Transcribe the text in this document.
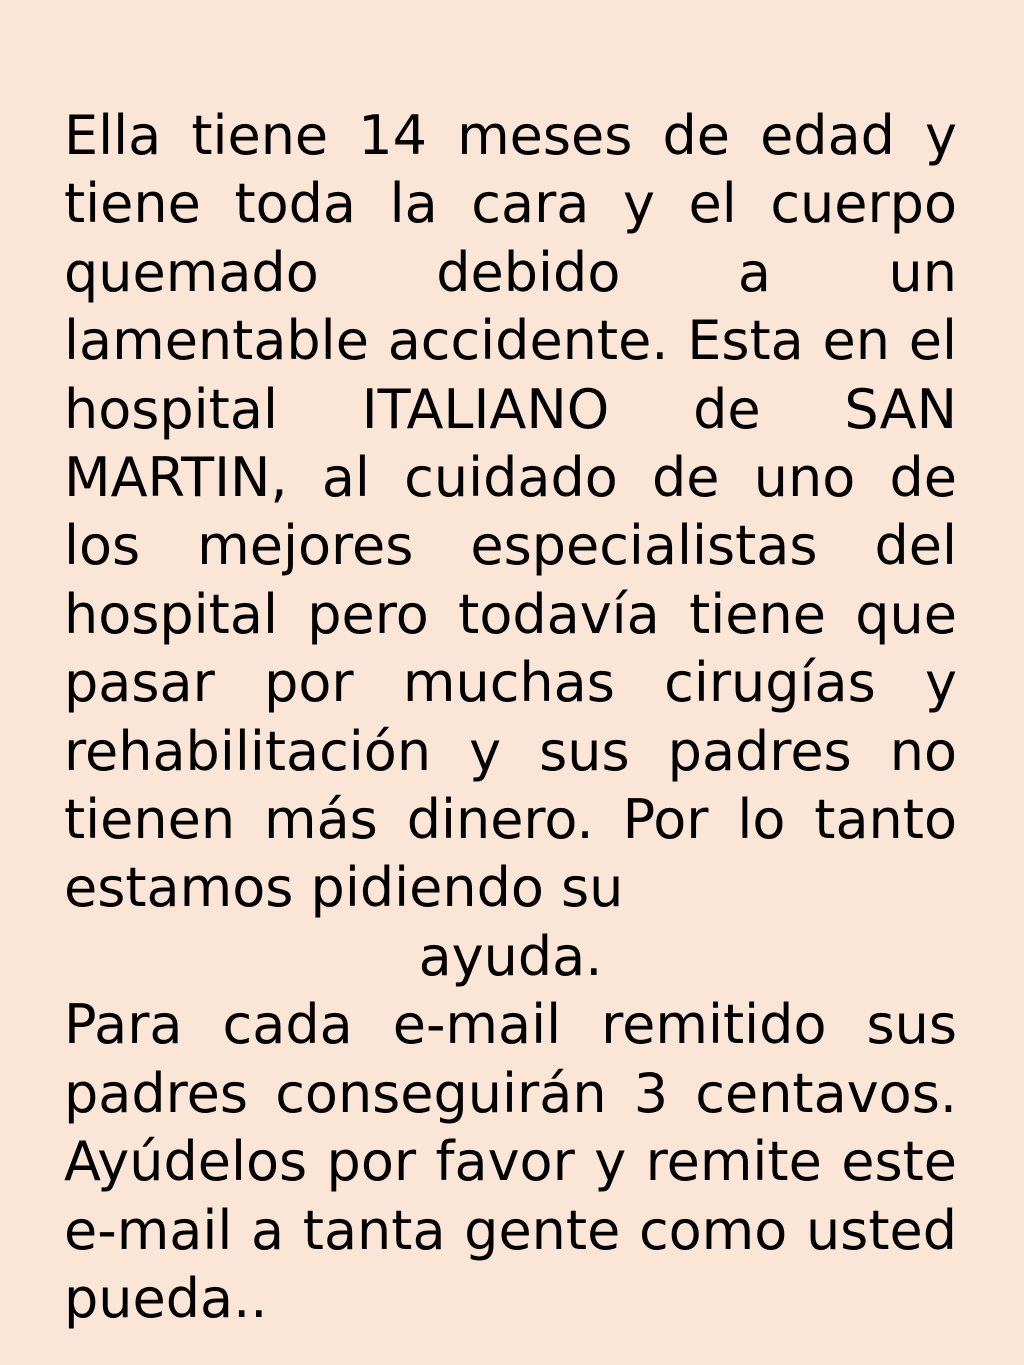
Ella tiene 14 meses de edad y tiene toda la cara y el cuerpo quemado debido a un lamentable accidente. Esta en el hospital ITALIANO de SAN MARTIN, al cuidado de uno de los mejores especialistas del hospital pero todavía tiene que pasar por muchas cirugías y rehabilitación y sus padres no tienen más dinero. Por lo tanto estamos pidiendo su

ayuda.

Para cada e-mail remitido sus padres conseguirán 3 centavos. Ayúdelos por favor y remite este e-mail a tanta gente como usted pueda..
